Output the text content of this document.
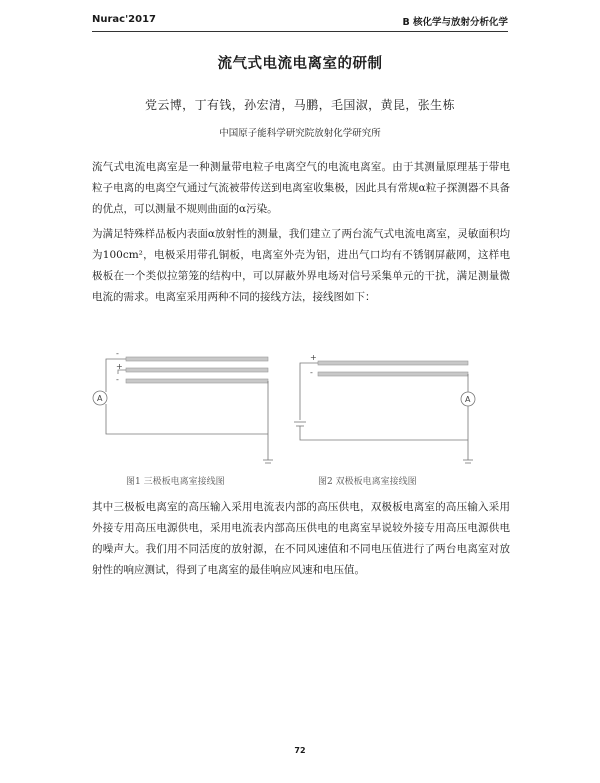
Nurac'2017	B 核化学与放射分析化学
流气式电流电离室的研制
党云博，丁有钱，孙宏清，马鹏，毛国淑，黄昆，张生栋
中国原子能科学研究院放射化学研究所

流气式电流电离室是一种测量带电粒子电离空气的电流电离室。由于其测量原理基于带电粒子电离的电离空气通过气流被带传送到电离室收集极，因此具有常规α粒子探测器不具备的优点，可以测量不规则曲面的α污染。

为满足特殊样品板内表面α放射性的测量，我们建立了两台流气式电流电离室，灵敏面积均为100cm²，电极采用带孔铜板，电离室外壳为铝，进出气口均有不锈钢屏蔽网，这样电极板在一个类似拉第笼的结构中，可以屏蔽外界电场对信号采集单元的干扰，满足测量微电流的需求。电离室采用两种不同的接线方法，接线图如下：

-
+
-
A
+
-
A
图1 三极板电离室接线图	图2 双极板电离室接线图

其中三极板电离室的高压输入采用电流表内部的高压供电，双极板电离室的高压输入采用外接专用高压电源供电，采用电流表内部高压供电的电离室早说较外接专用高压电源供电的噪声大。我们用不同活度的放射源，在不同风速值和不同电压值进行了两台电离室对放射性的响应测试，得到了电离室的最佳响应风速和电压值。

72
